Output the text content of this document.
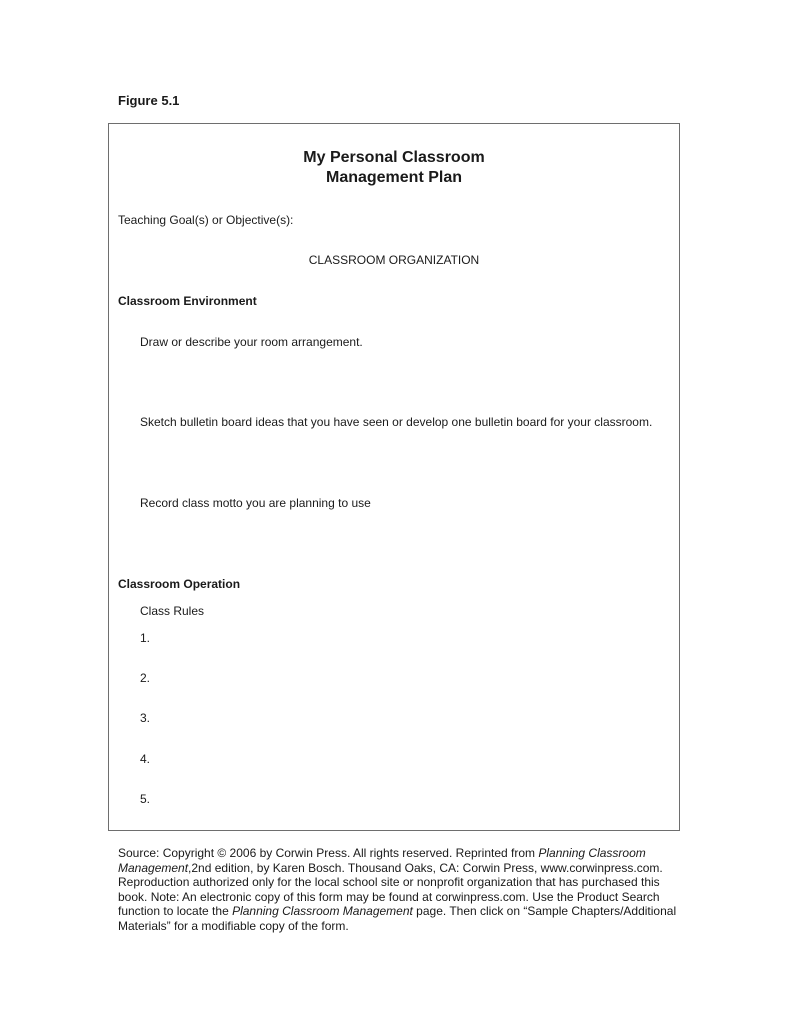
Figure 5.1
My Personal Classroom
Management Plan
Teaching Goal(s) or Objective(s):
CLASSROOM ORGANIZATION
Classroom Environment
Draw or describe your room arrangement.
Sketch bulletin board ideas that you have seen or develop one bulletin board for your classroom.
Record class motto you are planning to use
Classroom Operation
Class Rules
1.
2.
3.
4.
5.
Source: Copyright © 2006 by Corwin Press. All rights reserved. Reprinted from Planning Classroom Management,2nd edition, by Karen Bosch. Thousand Oaks, CA: Corwin Press, www.corwinpress.com. Reproduction authorized only for the local school site or nonprofit organization that has purchased this book. Note: An electronic copy of this form may be found at corwinpress.com. Use the Product Search function to locate the Planning Classroom Management page. Then click on “Sample Chapters/Additional Materials” for a modifiable copy of the form.
